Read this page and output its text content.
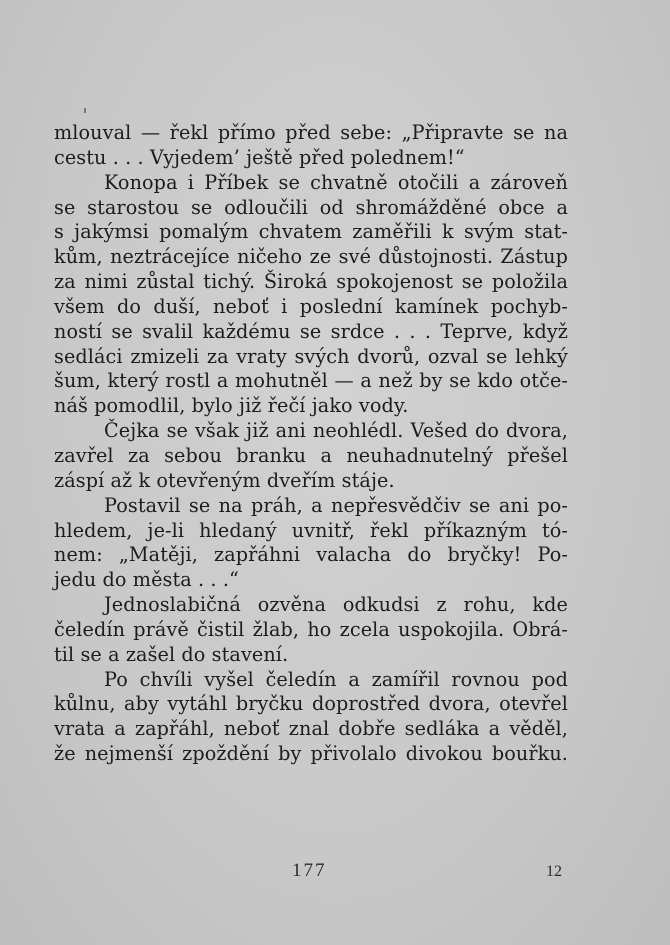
mlouval — řekl přímo před sebe: „Připravte se na
cestu . . . Vyjedem’ ještě před polednem!“
Konopa i Příbek se chvatně otočili a zároveň
se starostou se odloučili od shromážděné obce a
s jakýmsi pomalým chvatem zaměřili k svým stat-
kům, neztrácejíce ničeho ze své důstojnosti. Zástup
za nimi zůstal tichý. Široká spokojenost se položila
všem do duší, neboť i poslední kamínek pochyb-
ností se svalil každému se srdce . . . Teprve, když
sedláci zmizeli za vraty svých dvorů, ozval se lehký
šum, který rostl a mohutněl — a než by se kdo otče-
náš pomodlil, bylo již řečí jako vody.
Čejka se však již ani neohlédl. Vešed do dvora,
zavřel za sebou branku a neuhadnutelný přešel
záspí až k otevřeným dveřím stáje.
Postavil se na práh, a nepřesvědčiv se ani po-
hledem, je-li hledaný uvnitř, řekl příkazným tó-
nem: „Matěji, zapřáhni valacha do bryčky! Po-
jedu do města . . .“
Jednoslabičná ozvěna odkudsi z rohu, kde
čeledín právě čistil žlab, ho zcela uspokojila. Obrá-
til se a zašel do stavení.
Po chvíli vyšel čeledín a zamířil rovnou pod
kůlnu, aby vytáhl bryčku doprostřed dvora, otevřel
vrata a zapřáhl, neboť znal dobře sedláka a věděl,
že nejmenší zpoždění by přivolalo divokou bouřku.
177	12
